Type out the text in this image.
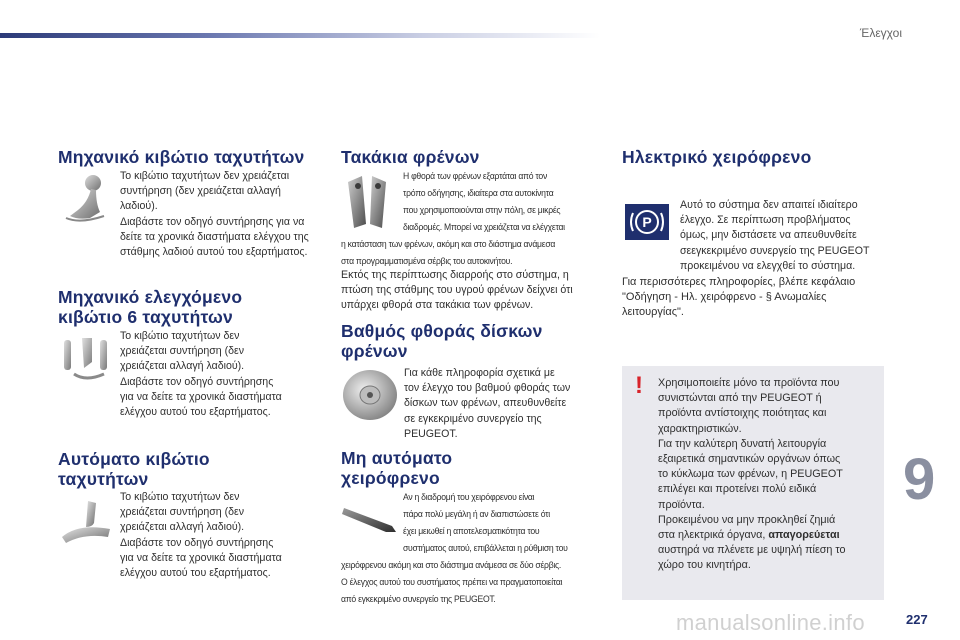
Έλεγχοι
Μηχανικό κιβώτιο ταχυτήτων

Το κιβώτιο ταχυτήτων δεν χρειάζεται

συντήρηση (δεν χρειάζεται αλλαγή

λαδιού).

Διαβάστε τον οδηγό συντήρησης για να

δείτε τα χρονικά διαστήματα ελέγχου της

στάθμης λαδιού αυτού του εξαρτήματος.

Μηχανικό ελεγχόμενο
κιβώτιο 6 ταχυτήτων

Το κιβώτιο ταχυτήτων δεν

χρειάζεται συντήρηση (δεν

χρειάζεται αλλαγή λαδιού).

Διαβάστε τον οδηγό συντήρησης

για να δείτε τα χρονικά διαστήματα

ελέγχου αυτού του εξαρτήματος.

Αυτόματο κιβώτιο
ταχυτήτων

Το κιβώτιο ταχυτήτων δεν

χρειάζεται συντήρηση (δεν

χρειάζεται αλλαγή λαδιού).

Διαβάστε τον οδηγό συντήρησης

για να δείτε τα χρονικά διαστήματα

ελέγχου αυτού του εξαρτήματος.

Τακάκια φρένων

Η φθορά των φρένων εξαρτάται από τον

τρόπο οδήγησης, ιδιαίτερα στα αυτοκίνητα

που χρησιμοποιούνται στην πόλη, σε μικρές

διαδρομές. Μπορεί να χρειάζεται να ελέγχεται

η κατάσταση των φρένων, ακόμη και στο διάστημα ανάμεσα

στα προγραμματισμένα σέρβις του αυτοκινήτου.

Εκτός της περίπτωσης διαρροής στο σύστημα, η

πτώση της στάθμης του υγρού φρένων δείχνει ότι

υπάρχει φθορά στα τακάκια των φρένων.

Βαθμός φθοράς δίσκων
φρένων

Για κάθε πληροφορία σχετικά με

τον έλεγχο του βαθμού φθοράς των

δίσκων των φρένων, απευθυνθείτε

σε εγκεκριμένο συνεργείο της

PEUGEOT.

Μη αυτόματο
χειρόφρενο

Αν η διαδρομή του χειρόφρενου είναι

πάρα πολύ μεγάλη ή αν διαπιστώσετε ότι

έχει μειωθεί η αποτελεσματικότητα του

συστήματος αυτού, επιβάλλεται η ρύθμιση του

χειρόφρενου ακόμη και στο διάστημα ανάμεσα σε δύο σέρβις.

Ο έλεγχος αυτού του συστήματος πρέπει να πραγματοποιείται

από εγκεκριμένο συνεργείο της PEUGEOT.

Ηλεκτρικό χειρόφρενο
P

Αυτό το σύστημα δεν απαιτεί ιδιαίτερο

έλεγχο. Σε περίπτωση προβλήματος

όμως, μην διστάσετε να απευθυνθείτε

σεεγκεκριμένο συνεργείο της PEUGEOT

προκειμένου να ελεγχθεί το σύστημα.

Για περισσότερες πληροφορίες, βλέπε κεφάλαιο

"Οδήγηση - Ηλ. χειρόφρενο - § Ανωμαλίες

λειτουργίας".

!	Χρησιμοποιείτε μόνο τα προϊόντα που

συνιστώνται από την PEUGEOT ή

προϊόντα αντίστοιχης ποιότητας και

χαρακτηριστικών.

Για την καλύτερη δυνατή λειτουργία

εξαιρετικά σημαντικών οργάνων όπως

το κύκλωμα των φρένων, η PEUGEOT

επιλέγει και προτείνει πολύ ειδικά

προϊόντα.

Προκειμένου να μην προκληθεί ζημιά

στα ηλεκτρικά όργανα, απαγορεύεται

αυστηρά να πλένετε με υψηλή πίεση το

χώρο του κινητήρα.

9
manualsonline.info	227
